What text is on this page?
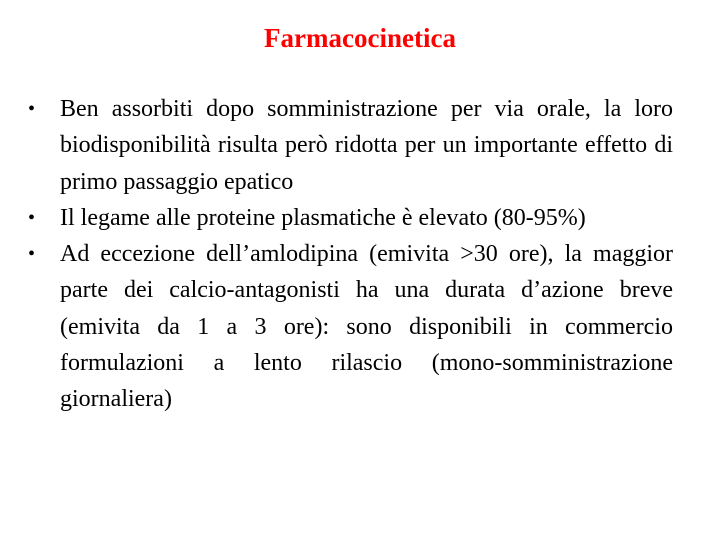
Farmacocinetica
• Ben assorbiti dopo somministrazione per via orale, la loro biodisponibilità risulta però ridotta per un importante effetto di primo passaggio epatico
• Il legame alle proteine plasmatiche è elevato (80-95%)
• Ad eccezione dell’amlodipina (emivita >30 ore), la maggior parte dei calcio-antagonisti ha una durata d’azione breve (emivita da 1 a 3 ore): sono disponibili in commercio formulazioni a lento rilascio (mono-somministrazione giornaliera)
